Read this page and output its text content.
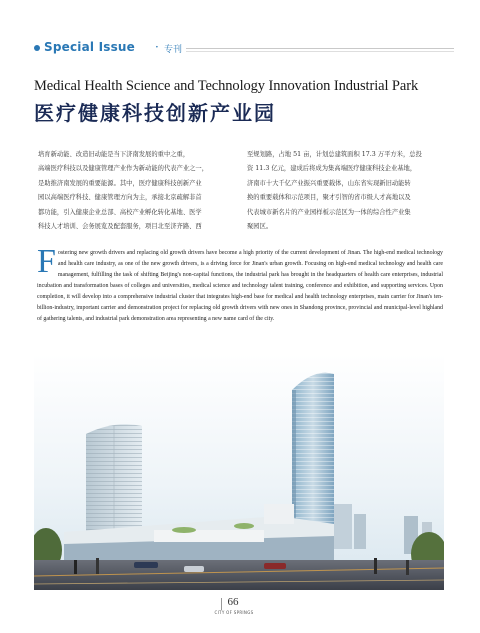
Special Issue · 专刊
Medical Health Science and Technology Innovation Industrial Park
医疗健康科技创新产业园

培育新动能、改造旧动能是当下济南发展的重中之重，

高端医疗科技以及健康管理产业作为新动能的代表产业之一，

是助推济南发展的重要能源。其中，医疗健康科技创新产业

园以高端医疗科技、健康管理方向为主，承接北京疏解非首

都功能，引入健康企业总部、高校产业孵化转化基地、医学

科技人才培训、会务展览及配套服务，项目北至济齐路、西

至规划路，占地 51 亩，计划总建筑面积 17.3 万平方米，总投

资 11.3 亿元，建成后将成为集高端医疗健康科技企业基地，

济南市十大千亿产业振兴重要载体，山东省实现新旧动能转

换的重要载体和示范项目，聚才引智的省市级人才高地以及

代表城市新名片的产业园样板示范区为一体的综合性产业集

聚园区。

Fostering new growth drivers and replacing old growth drivers have become a high priority of the current development of Jinan. The high-end medical technology and health care industry, as one of the new growth drivers, is a driving force for Jinan's urban growth. Focusing on high-end medical technology and health care management, fulfilling the task of shifting Beijing's non-capital functions, the industrial park has brought in the headquarters of health care enterprises, industrial incubation and transformation bases of colleges and universities, medical science and technology talent training, conference and exhibition, and supporting services. Upon completion, it will develop into a comprehensive industrial cluster that integrates high-end base for medical and health technology enterprises, main carrier for Jinan's ten-billion-industry, important carrier and demonstration project for replacing old growth drivers with new ones in Shandong province, provincial and municipal-level highland of gathering talents, and industrial park demonstration area representing a new name card of the city.
66
CITY OF SPRINGS
